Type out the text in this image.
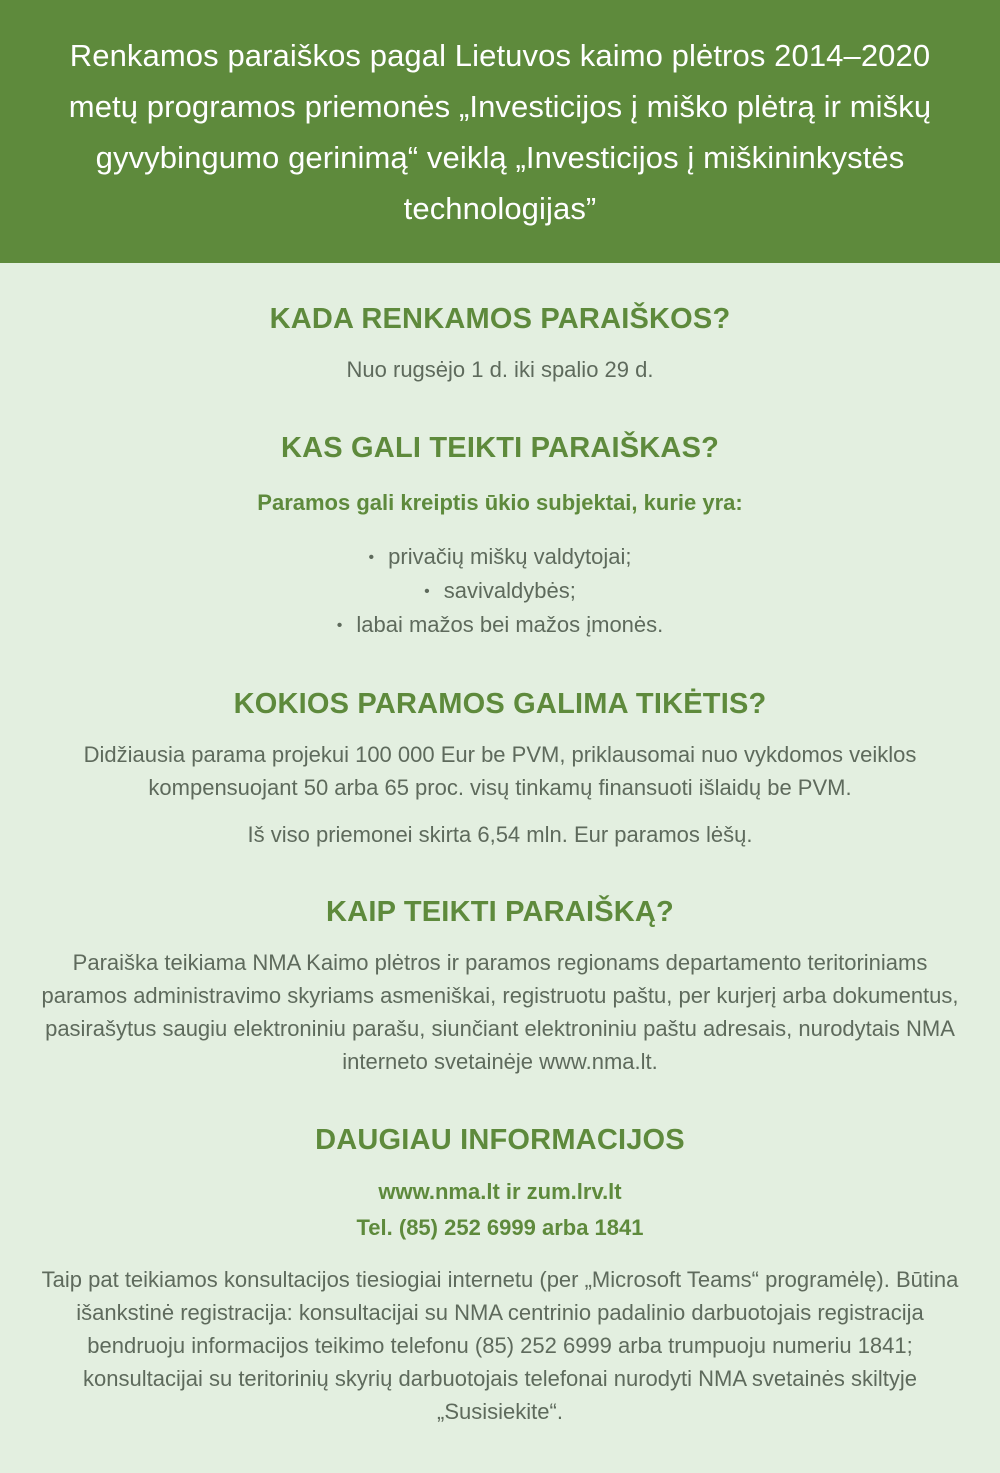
Renkamos paraiškos pagal Lietuvos kaimo plėtros 2014–2020 metų programos priemonės „Investicijos į miško plėtrą ir miškų gyvybingumo gerinimą“ veiklą „Investicijos į miškininkystės technologijas”
KADA RENKAMOS PARAIŠKOS?

Nuo rugsėjo 1 d. iki spalio 29 d.

KAS GALI TEIKTI PARAIŠKAS?

Paramos gali kreiptis ūkio subjektai, kurie yra:

• privačių miškų valdytojai;
• savivaldybės;
• labai mažos bei mažos įmonės.
KOKIOS PARAMOS GALIMA TIKĖTIS?

Didžiausia parama projekui 100 000 Eur be PVM, priklausomai nuo vykdomos veiklos kompensuojant 50 arba 65 proc. visų tinkamų finansuoti išlaidų be PVM.

Iš viso priemonei skirta 6,54 mln. Eur paramos lėšų.

KAIP TEIKTI PARAIŠKĄ?

Paraiška teikiama NMA Kaimo plėtros ir paramos regionams departamento teritoriniams paramos administravimo skyriams asmeniškai, registruotu paštu, per kurjerį arba dokumentus, pasirašytus saugiu elektroniniu parašu, siunčiant elektroniniu paštu adresais, nurodytais NMA interneto svetainėje www.nma.lt.

DAUGIAU INFORMACIJOS
www.nma.lt ir zum.lrv.lt
Tel. (85) 252 6999 arba 1841

Taip pat teikiamos konsultacijos tiesiogiai internetu (per „Microsoft Teams“ programėlę). Būtina išankstinė registracija: konsultacijai su NMA centrinio padalinio darbuotojais registracija bendruoju informacijos teikimo telefonu (85) 252 6999 arba trumpuoju numeriu 1841; konsultacijai su teritorinių skyrių darbuotojais telefonai nurodyti NMA svetainės skiltyje „Susisiekite“.
